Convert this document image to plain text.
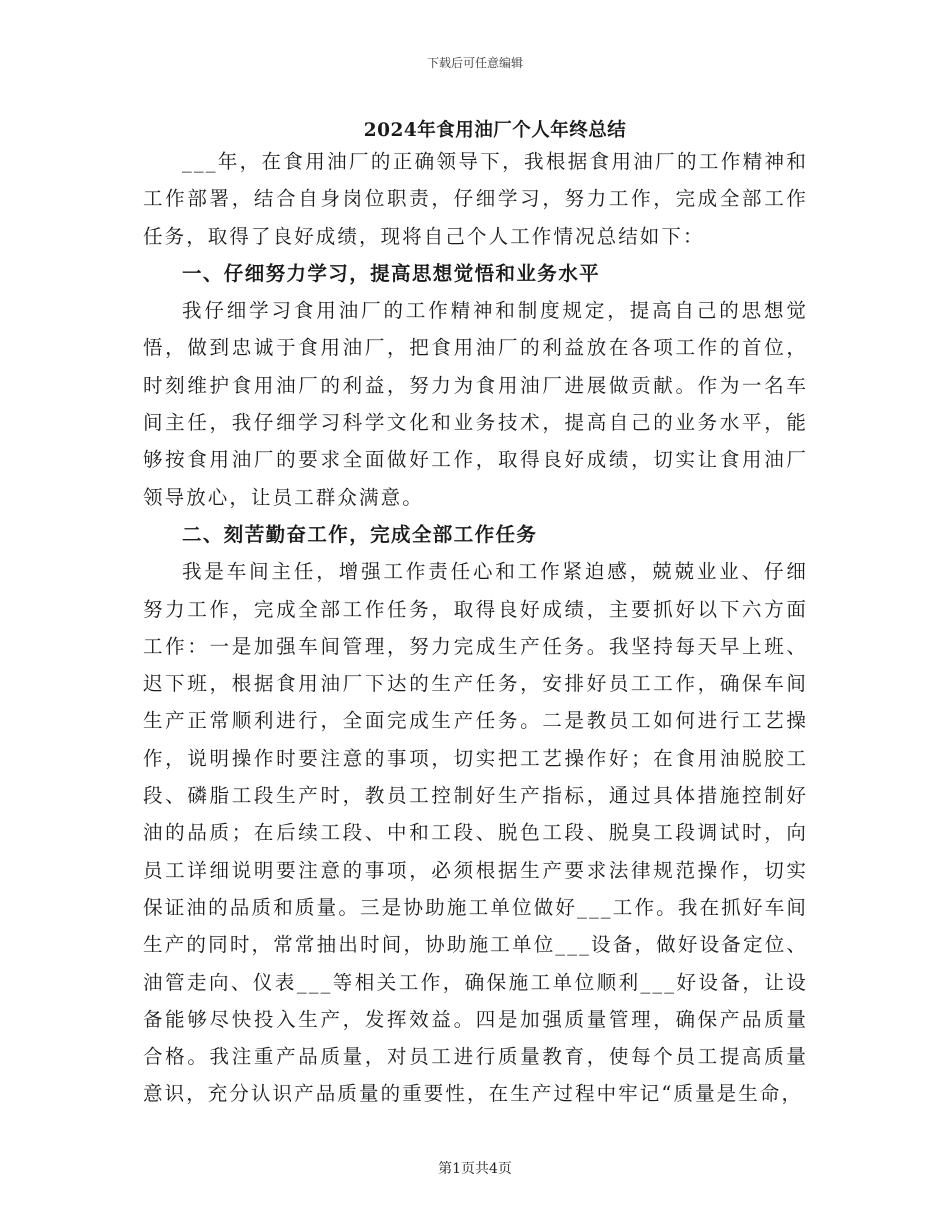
下载后可任意编辑
2024年食用油厂个人年终总结

___年，在食用油厂的正确领导下，我根据食用油厂的工作精神和工作部署，结合自身岗位职责，仔细学习，努力工作，完成全部工作任务，取得了良好成绩，现将自己个人工作情况总结如下：

一、仔细努力学习，提高思想觉悟和业务水平

我仔细学习食用油厂的工作精神和制度规定，提高自己的思想觉悟，做到忠诚于食用油厂，把食用油厂的利益放在各项工作的首位，时刻维护食用油厂的利益，努力为食用油厂进展做贡献。作为一名车间主任，我仔细学习科学文化和业务技术，提高自己的业务水平，能够按食用油厂的要求全面做好工作，取得良好成绩，切实让食用油厂领导放心，让员工群众满意。

二、刻苦勤奋工作，完成全部工作任务

我是车间主任，增强工作责任心和工作紧迫感，兢兢业业、仔细努力工作，完成全部工作任务，取得良好成绩，主要抓好以下六方面工作：一是加强车间管理，努力完成生产任务。我坚持每天早上班、迟下班，根据食用油厂下达的生产任务，安排好员工工作，确保车间生产正常顺利进行，全面完成生产任务。二是教员工如何进行工艺操作，说明操作时要注意的事项，切实把工艺操作好；在食用油脱胶工段、磷脂工段生产时，教员工控制好生产指标，通过具体措施控制好油的品质；在后续工段、中和工段、脱色工段、脱臭工段调试时，向员工详细说明要注意的事项，必须根据生产要求法律规范操作，切实保证油的品质和质量。三是协助施工单位做好___工作。我在抓好车间生产的同时，常常抽出时间，协助施工单位___设备，做好设备定位、油管走向、仪表___等相关工作，确保施工单位顺利___好设备，让设备能够尽快投入生产，发挥效益。四是加强质量管理，确保产品质量合格。我注重产品质量，对员工进行质量教育，使每个员工提高质量意识，充分认识产品质量的重要性，在生产过程中牢记“质量是生命，

第1页共4页
